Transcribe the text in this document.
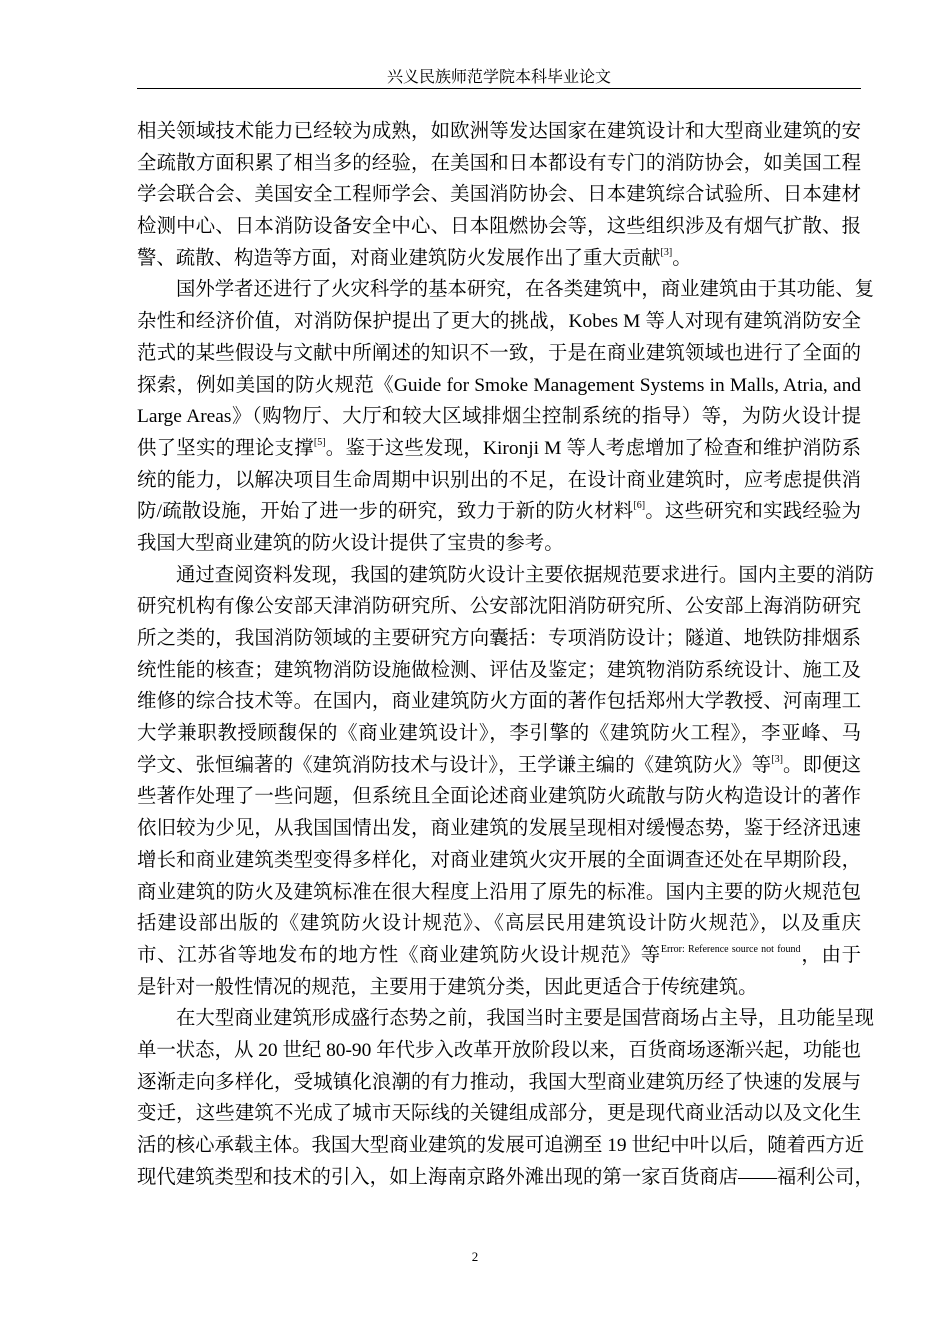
兴义民族师范学院本科毕业论文
相关领域技术能力已经较为成熟，如欧洲等发达国家在建筑设计和大型商业建筑的安
全疏散方面积累了相当多的经验，在美国和日本都设有专门的消防协会，如美国工程
学会联合会、美国安全工程师学会、美国消防协会、日本建筑综合试验所、日本建材
检测中心、日本消防设备安全中心、日本阻燃协会等，这些组织涉及有烟气扩散、报
警、疏散、构造等方面，对商业建筑防火发展作出了重大贡献[3]。
国外学者还进行了火灾科学的基本研究，在各类建筑中，商业建筑由于其功能、复
杂性和经济价值，对消防保护提出了更大的挑战，Kobes M 等人对现有建筑消防安全
范式的某些假设与文献中所阐述的知识不一致，于是在商业建筑领域也进行了全面的
探索，例如美国的防火规范《Guide for Smoke Management Systems in Malls, Atria, and
Large Areas》（购物厅、大厅和较大区域排烟尘控制系统的指导）等，为防火设计提
供了坚实的理论支撑[5]。鉴于这些发现，Kironji M 等人考虑增加了检查和维护消防系
统的能力，以解决项目生命周期中识别出的不足，在设计商业建筑时，应考虑提供消
防/疏散设施，开始了进一步的研究，致力于新的防火材料[6]。这些研究和实践经验为
我国大型商业建筑的防火设计提供了宝贵的参考。
通过查阅资料发现，我国的建筑防火设计主要依据规范要求进行。国内主要的消防
研究机构有像公安部天津消防研究所、公安部沈阳消防研究所、公安部上海消防研究
所之类的，我国消防领域的主要研究方向囊括：专项消防设计；隧道、地铁防排烟系
统性能的核查；建筑物消防设施做检测、评估及鉴定；建筑物消防系统设计、施工及
维修的综合技术等。在国内，商业建筑防火方面的著作包括郑州大学教授、河南理工
大学兼职教授顾馥保的《商业建筑设计》，李引擎的《建筑防火工程》，李亚峰、马
学文、张恒编著的《建筑消防技术与设计》，王学谦主编的《建筑防火》等[3]。即便这
些著作处理了一些问题，但系统且全面论述商业建筑防火疏散与防火构造设计的著作
依旧较为少见，从我国国情出发，商业建筑的发展呈现相对缓慢态势，鉴于经济迅速
增长和商业建筑类型变得多样化，对商业建筑火灾开展的全面调查还处在早期阶段，
商业建筑的防火及建筑标准在很大程度上沿用了原先的标准。国内主要的防火规范包
括建设部出版的《建筑防火设计规范》、《高层民用建筑设计防火规范》，以及重庆
市、江苏省等地发布的地方性《商业建筑防火设计规范》等$^{Error: Reference source not found}$，由于
是针对一般性情况的规范，主要用于建筑分类，因此更适合于传统建筑。
在大型商业建筑形成盛行态势之前，我国当时主要是国营商场占主导，且功能呈现
单一状态，从 20 世纪 80-90 年代步入改革开放阶段以来，百货商场逐渐兴起，功能也
逐渐走向多样化，受城镇化浪潮的有力推动，我国大型商业建筑历经了快速的发展与
变迁，这些建筑不光成了城市天际线的关键组成部分，更是现代商业活动以及文化生
活的核心承载主体。我国大型商业建筑的发展可追溯至 19 世纪中叶以后，随着西方近
现代建筑类型和技术的引入，如上海南京路外滩出现的第一家百货商店——福利公司，
2
